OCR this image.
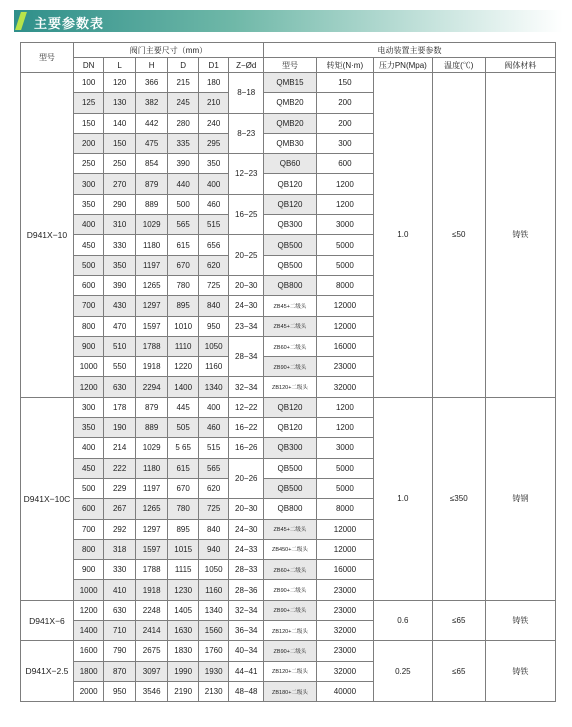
主要参数表
型号	阀门主要尺寸（mm）						电动装置主要参数				
	DN	L	H	D	D1	Z−Ød	型号	转矩(N·m)	压力PN(Mpa)	温度(℃)	阀体材料
D941X−10	100	120	366	215	180	8−18	QMB15	150	1.0	≤50	铸铁
	125	130	382	245	210		QMB20	200			
	150	140	442	280	240	8−23	QMB20	200			
	200	150	475	335	295		QMB30	300			
	250	250	854	390	350	12−23	QB60	600			
	300	270	879	440	400		QB120	1200			
	350	290	889	500	460	16−25	QB120	1200			
	400	310	1029	565	515		QB300	3000			
	450	330	1180	615	656	20−25	QB500	5000			
	500	350	1197	670	620		QB500	5000			
	600	390	1265	780	725	20−30	QB800	8000			
	700	430	1297	895	840	24−30	ZB45+二级头	12000			
	800	470	1597	1010	950	23−34	ZB45+二级头	12000			
	900	510	1788	1110	1050	28−34	ZB60+二级头	16000			
	1000	550	1918	1220	1160		ZB90+二级头	23000			
	1200	630	2294	1400	1340	32−34	ZB120+二级头	32000			
D941X−10C	300	178	879	445	400	12−22	QB120	1200	1.0	≤350	铸钢
	350	190	889	505	460	16−22	QB120	1200			
	400	214	1029	5 65	515	16−26	QB300	3000			
	450	222	1180	615	565	20−26	QB500	5000			
	500	229	1197	670	620		QB500	5000			
	600	267	1265	780	725	20−30	QB800	8000			
	700	292	1297	895	840	24−30	ZB45+二级头	12000			
	800	318	1597	1015	940	24−33	ZB450+二级头	12000			
	900	330	1788	1115	1050	28−33	ZB60+二级头	16000			
	1000	410	1918	1230	1160	28−36	ZB90+二级头	23000			
D941X−6	1200	630	2248	1405	1340	32−34	ZB90+二级头	23000	0.6	≤65	铸铁
	1400	710	2414	1630	1560	36−34	ZB120+二级头	32000			
D941X−2.5	1600	790	2675	1830	1760	40−34	ZB90+二级头	23000	0.25	≤65	铸铁
	1800	870	3097	1990	1930	44−41	ZB120+二级头	32000			
	2000	950	3546	2190	2130	48−48	ZB180+二级头	40000			
